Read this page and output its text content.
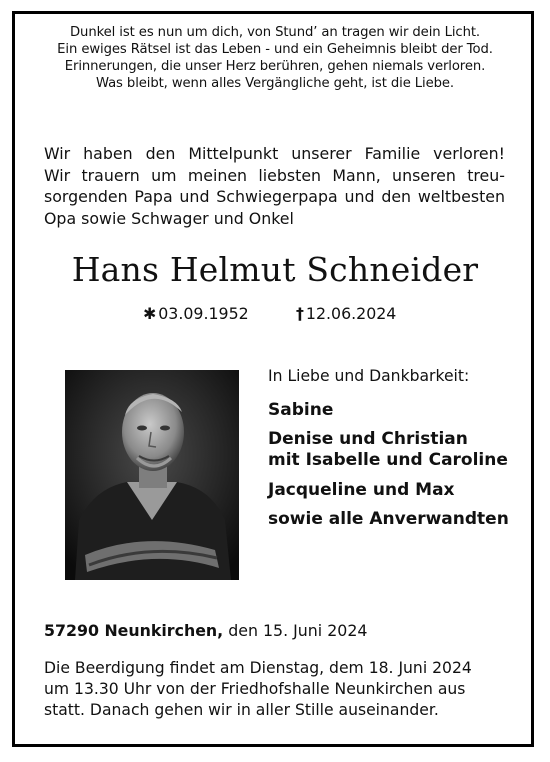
Dunkel ist es nun um dich, von Stund’ an tragen wir dein Licht.
Ein ewiges Rätsel ist das Leben - und ein Geheimnis bleibt der Tod.
Erinnerungen, die unser Herz berühren, gehen niemals verloren.
Was bleibt, wenn alles Vergängliche geht, ist die Liebe.
Wir haben den Mittelpunkt unserer Familie verloren!
Wir trauern um meinen liebsten Mann, unseren treu-
sorgenden Papa und Schwiegerpapa und den weltbesten
Opa sowie Schwager und Onkel
Hans Helmut Schneider
✱ 03.09.1952	† 12.06.2024
In Liebe und Dankbarkeit:
Sabine
Denise und Christian
mit Isabelle und Caroline
Jacqueline und Max
sowie alle Anverwandten
57290 Neunkirchen, den 15. Juni 2024
Die Beerdigung findet am Dienstag, dem 18. Juni 2024
um 13.30 Uhr von der Friedhofshalle Neunkirchen aus
statt. Danach gehen wir in aller Stille auseinander.
